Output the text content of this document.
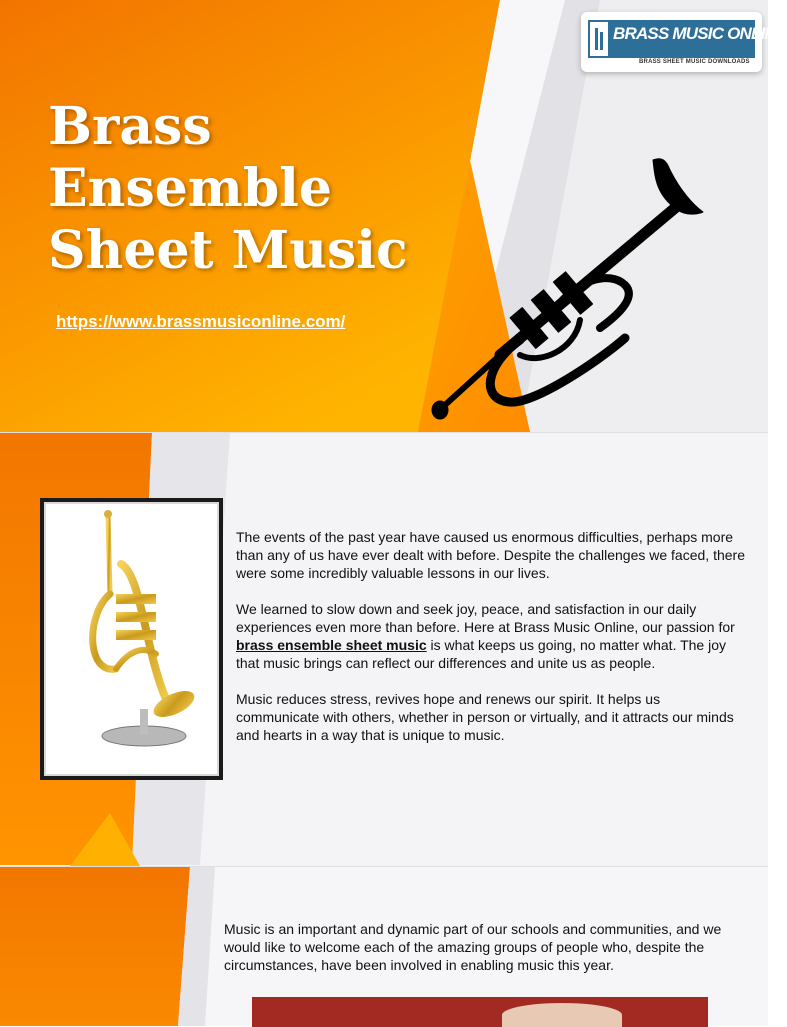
Brass
Ensemble
Sheet Music
https://www.brassmusiconline.com/
BRASS MUSIC ONLINE
BRASS SHEET MUSIC DOWNLOADS

The events of the past year have caused us enormous difficulties, perhaps more than any of us have ever dealt with before. Despite the challenges we faced, there were some incredibly valuable lessons in our lives.

We learned to slow down and seek joy, peace, and satisfaction in our daily experiences even more than before. Here at Brass Music Online, our passion for brass ensemble sheet music is what keeps us going, no matter what. The joy that music brings can reflect our differences and unite us as people.

Music reduces stress, revives hope and renews our spirit. It helps us communicate with others, whether in person or virtually, and it attracts our minds and hearts in a way that is unique to music.

Music is an important and dynamic part of our schools and communities, and we would like to welcome each of the amazing groups of people who, despite the circumstances, have been involved in enabling music this year.
